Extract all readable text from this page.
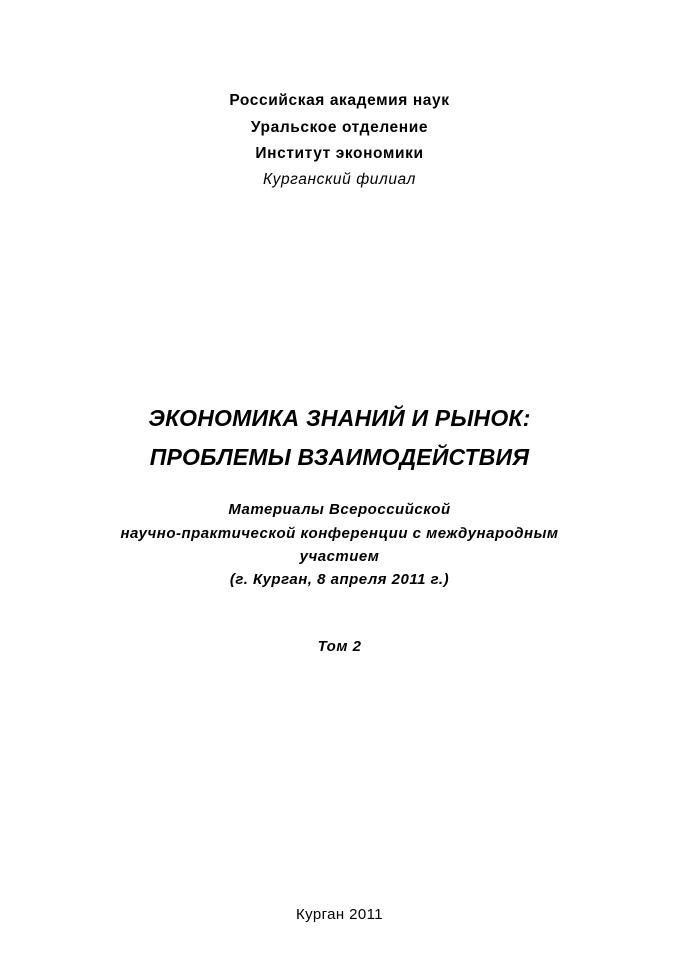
Российская академия наук
Уральское отделение
Институт экономики
Курганский филиал
ЭКОНОМИКА ЗНАНИЙ И РЫНОК:
ПРОБЛЕМЫ ВЗАИМОДЕЙСТВИЯ
Материалы Всероссийской
научно-практической конференции с международным
участием
(г. Курган, 8 апреля 2011 г.)
Том 2
Курган 2011
